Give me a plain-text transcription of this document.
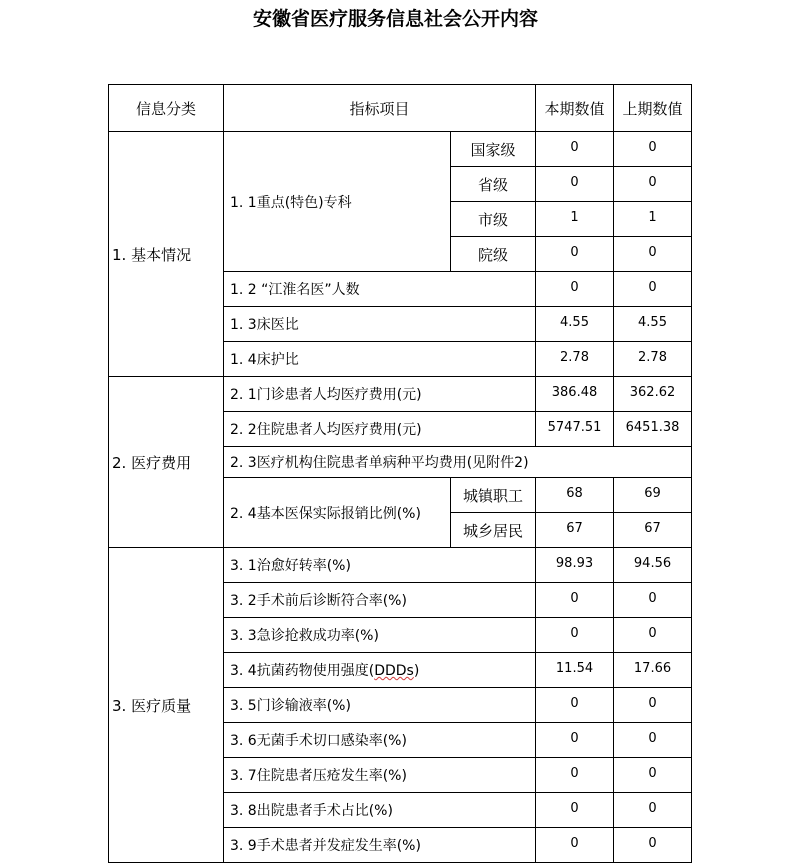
安徽省医疗服务信息社会公开内容
信息分类	指标项目		本期数值	上期数值
1. 基本情况	1. 1重点(特色)专科	国家级	0	0
		省级	0	0
		市级	1	1
		院级	0	0
	1. 2 “江淮名医”人数		0	0
	1. 3床医比		4.55	4.55
	1. 4床护比		2.78	2.78
2. 医疗费用	2. 1门诊患者人均医疗费用(元)		386.48	362.62
	2. 2住院患者人均医疗费用(元)		5747.51	6451.38
	2. 3医疗机构住院患者单病种平均费用(见附件2)			
	2. 4基本医保实际报销比例(%)	城镇职工	68	69
		城乡居民	67	67
3. 医疗质量	3. 1治愈好转率(%)		98.93	94.56
	3. 2手术前后诊断符合率(%)		0	0
	3. 3急诊抢救成功率(%)		0	0
	3. 4抗菌药物使用强度(DDDs)		11.54	17.66
	3. 5门诊输液率(%)		0	0
	3. 6无菌手术切口感染率(%)		0	0
	3. 7住院患者压疮发生率(%)		0	0
	3. 8出院患者手术占比(%)		0	0
	3. 9手术患者并发症发生率(%)		0	0
